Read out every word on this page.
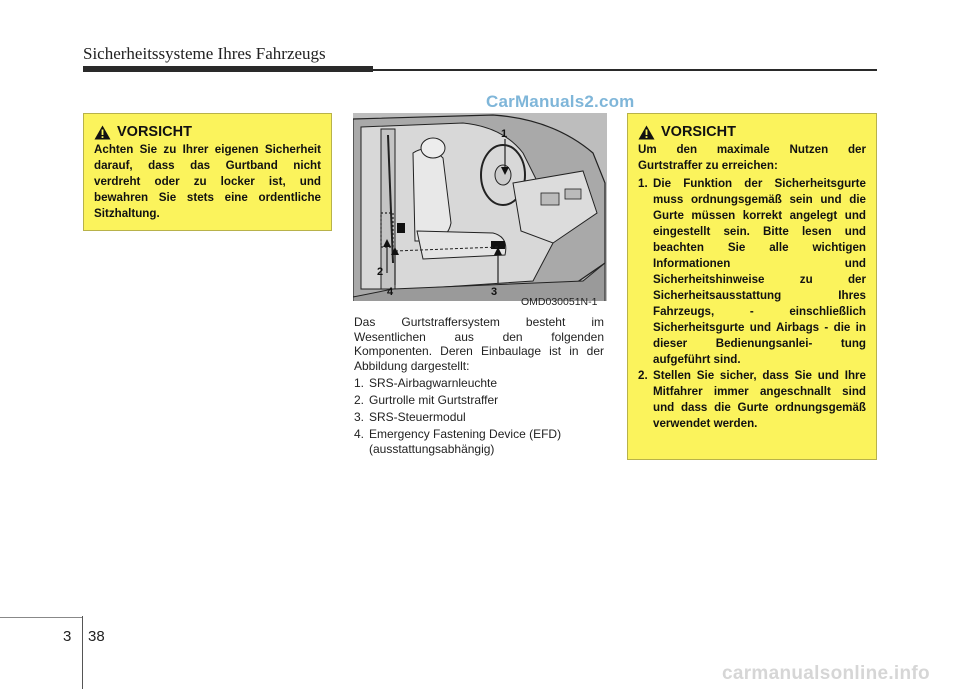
Sicherheitssysteme Ihres Fahrzeugs
CarManuals2.com
VORSICHT
Achten Sie zu Ihrer eigenen Sicherheit darauf, dass das Gurtband nicht verdreht oder zu locker ist, und bewahren Sie stets eine ordentliche Sitzhaltung.
1
2
3
4
OMD030051N-1
Das Gurtstraffersystem besteht im Wesentlichen aus den folgenden Komponenten. Deren Einbaulage ist in der Abbildung dargestellt:
1. SRS-Airbagwarnleuchte
2. Gurtrolle mit Gurtstraffer
3. SRS-Steuermodul
4. Emergency Fastening Device (EFD) (ausstattungsabhängig)
VORSICHT
Um den maximale Nutzen der Gurtstraffer zu erreichen:
1. Die Funktion der Sicherheitsgurte muss ordnungsgemäß sein und die Gurte müssen korrekt angelegt und eingestellt sein. Bitte lesen und beachten Sie alle wichtigen Informationen und Sicherheitshinweise zu der Sicherheitsausstattung Ihres Fahrzeugs, - einschließlich Sicherheitsgurte und Airbags - die in dieser Bedienungsanlei- tung aufgeführt sind.
2. Stellen Sie sicher, dass Sie und Ihre Mitfahrer immer angeschnallt sind und dass die Gurte ordnungsgemäß verwendet werden.
3 38
carmanualsonline.info
